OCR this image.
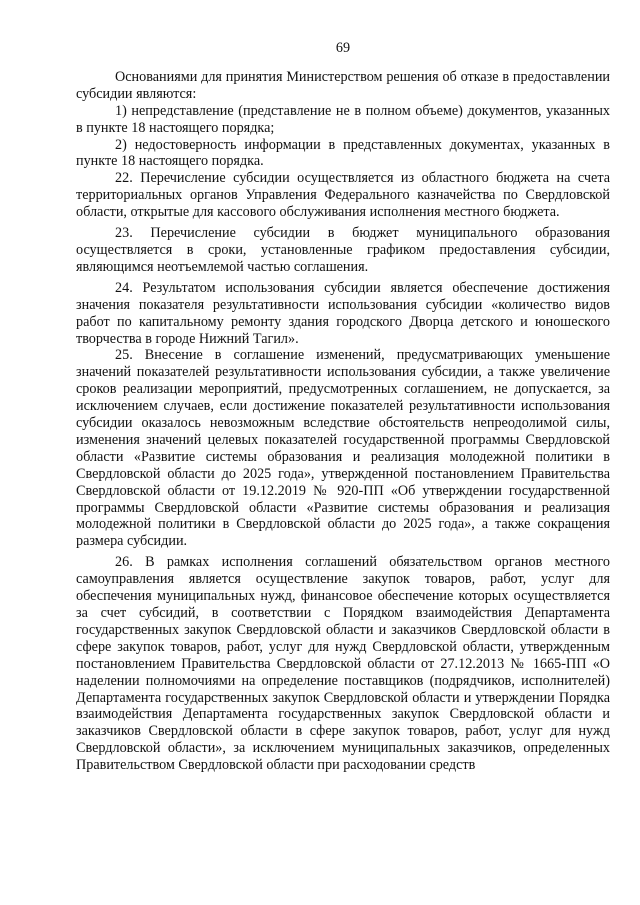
69

Основаниями для принятия Министерством решения об отказе в предоставлении субсидии являются:

1) непредставление (представление не в полном объеме) документов, указанных в пункте 18 настоящего порядка;

2) недостоверность информации в представленных документах, указанных в пункте 18 настоящего порядка.

22. Перечисление субсидии осуществляется из областного бюджета на счета территориальных органов Управления Федерального казначейства по Свердловской области, открытые для кассового обслуживания исполнения местного бюджета.

23. Перечисление субсидии в бюджет муниципального образования осуществляется в сроки, установленные графиком предоставления субсидии, являющимся неотъемлемой частью соглашения.

24. Результатом использования субсидии является обеспечение достижения значения показателя результативности использования субсидии «количество видов работ по капитальному ремонту здания городского Дворца детского и юношеского творчества в городе Нижний Тагил».

25. Внесение в соглашение изменений, предусматривающих уменьшение значений показателей результативности использования субсидии, а также увеличение сроков реализации мероприятий, предусмотренных соглашением, не допускается, за исключением случаев, если достижение показателей результативности использования субсидии оказалось невозможным вследствие обстоятельств непреодолимой силы, изменения значений целевых показателей государственной программы Свердловской области «Развитие системы образования и реализация молодежной политики в Свердловской области до 2025 года», утвержденной постановлением Правительства Свердловской области от 19.12.2019 № 920-ПП «Об утверждении государственной программы Свердловской области «Развитие системы образования и реализация молодежной политики в Свердловской области до 2025 года», а также сокращения размера субсидии.

26. В рамках исполнения соглашений обязательством органов местного самоуправления является осуществление закупок товаров, работ, услуг для обеспечения муниципальных нужд, финансовое обеспечение которых осуществляется за счет субсидий, в соответствии с Порядком взаимодействия Департамента государственных закупок Свердловской области и заказчиков Свердловской области в сфере закупок товаров, работ, услуг для нужд Свердловской области, утвержденным постановлением Правительства Свердловской области от 27.12.2013 № 1665-ПП «О наделении полномочиями на определение поставщиков (подрядчиков, исполнителей) Департамента государственных закупок Свердловской области и утверждении Порядка взаимодействия Департамента государственных закупок Свердловской области и заказчиков Свердловской области в сфере закупок товаров, работ, услуг для нужд Свердловской области», за исключением муниципальных заказчиков, определенных Правительством Свердловской области при расходовании средств
